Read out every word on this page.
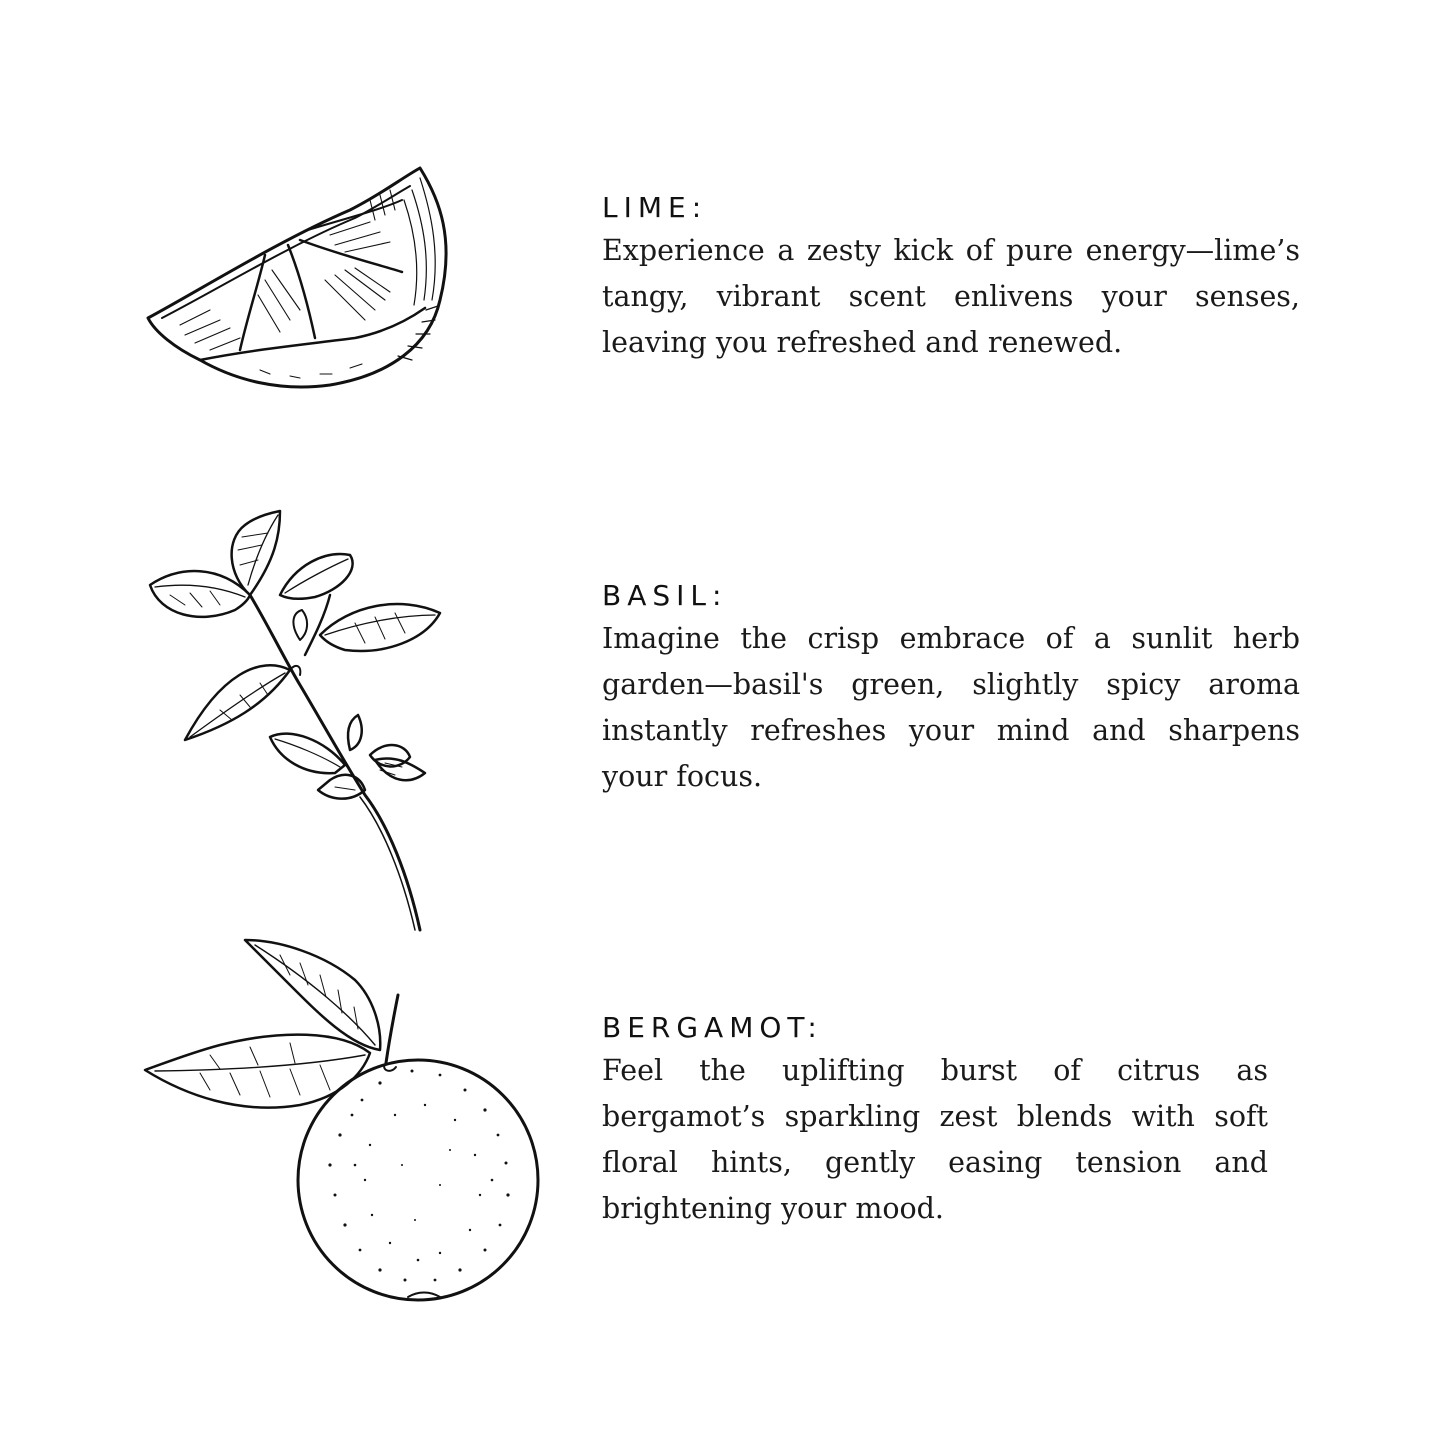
LIME:

Experience a zesty kick of pure energy—lime’s tangy, vibrant scent enlivens your senses, leaving you refreshed and renewed.

BASIL:

Imagine the crisp embrace of a sunlit herb garden—basil's green, slightly spicy aroma instantly refreshes your mind and sharpens your focus.

BERGAMOT:

Feel the uplifting burst of citrus as bergamot’s sparkling zest blends with soft floral hints, gently easing tension and brightening your mood.
